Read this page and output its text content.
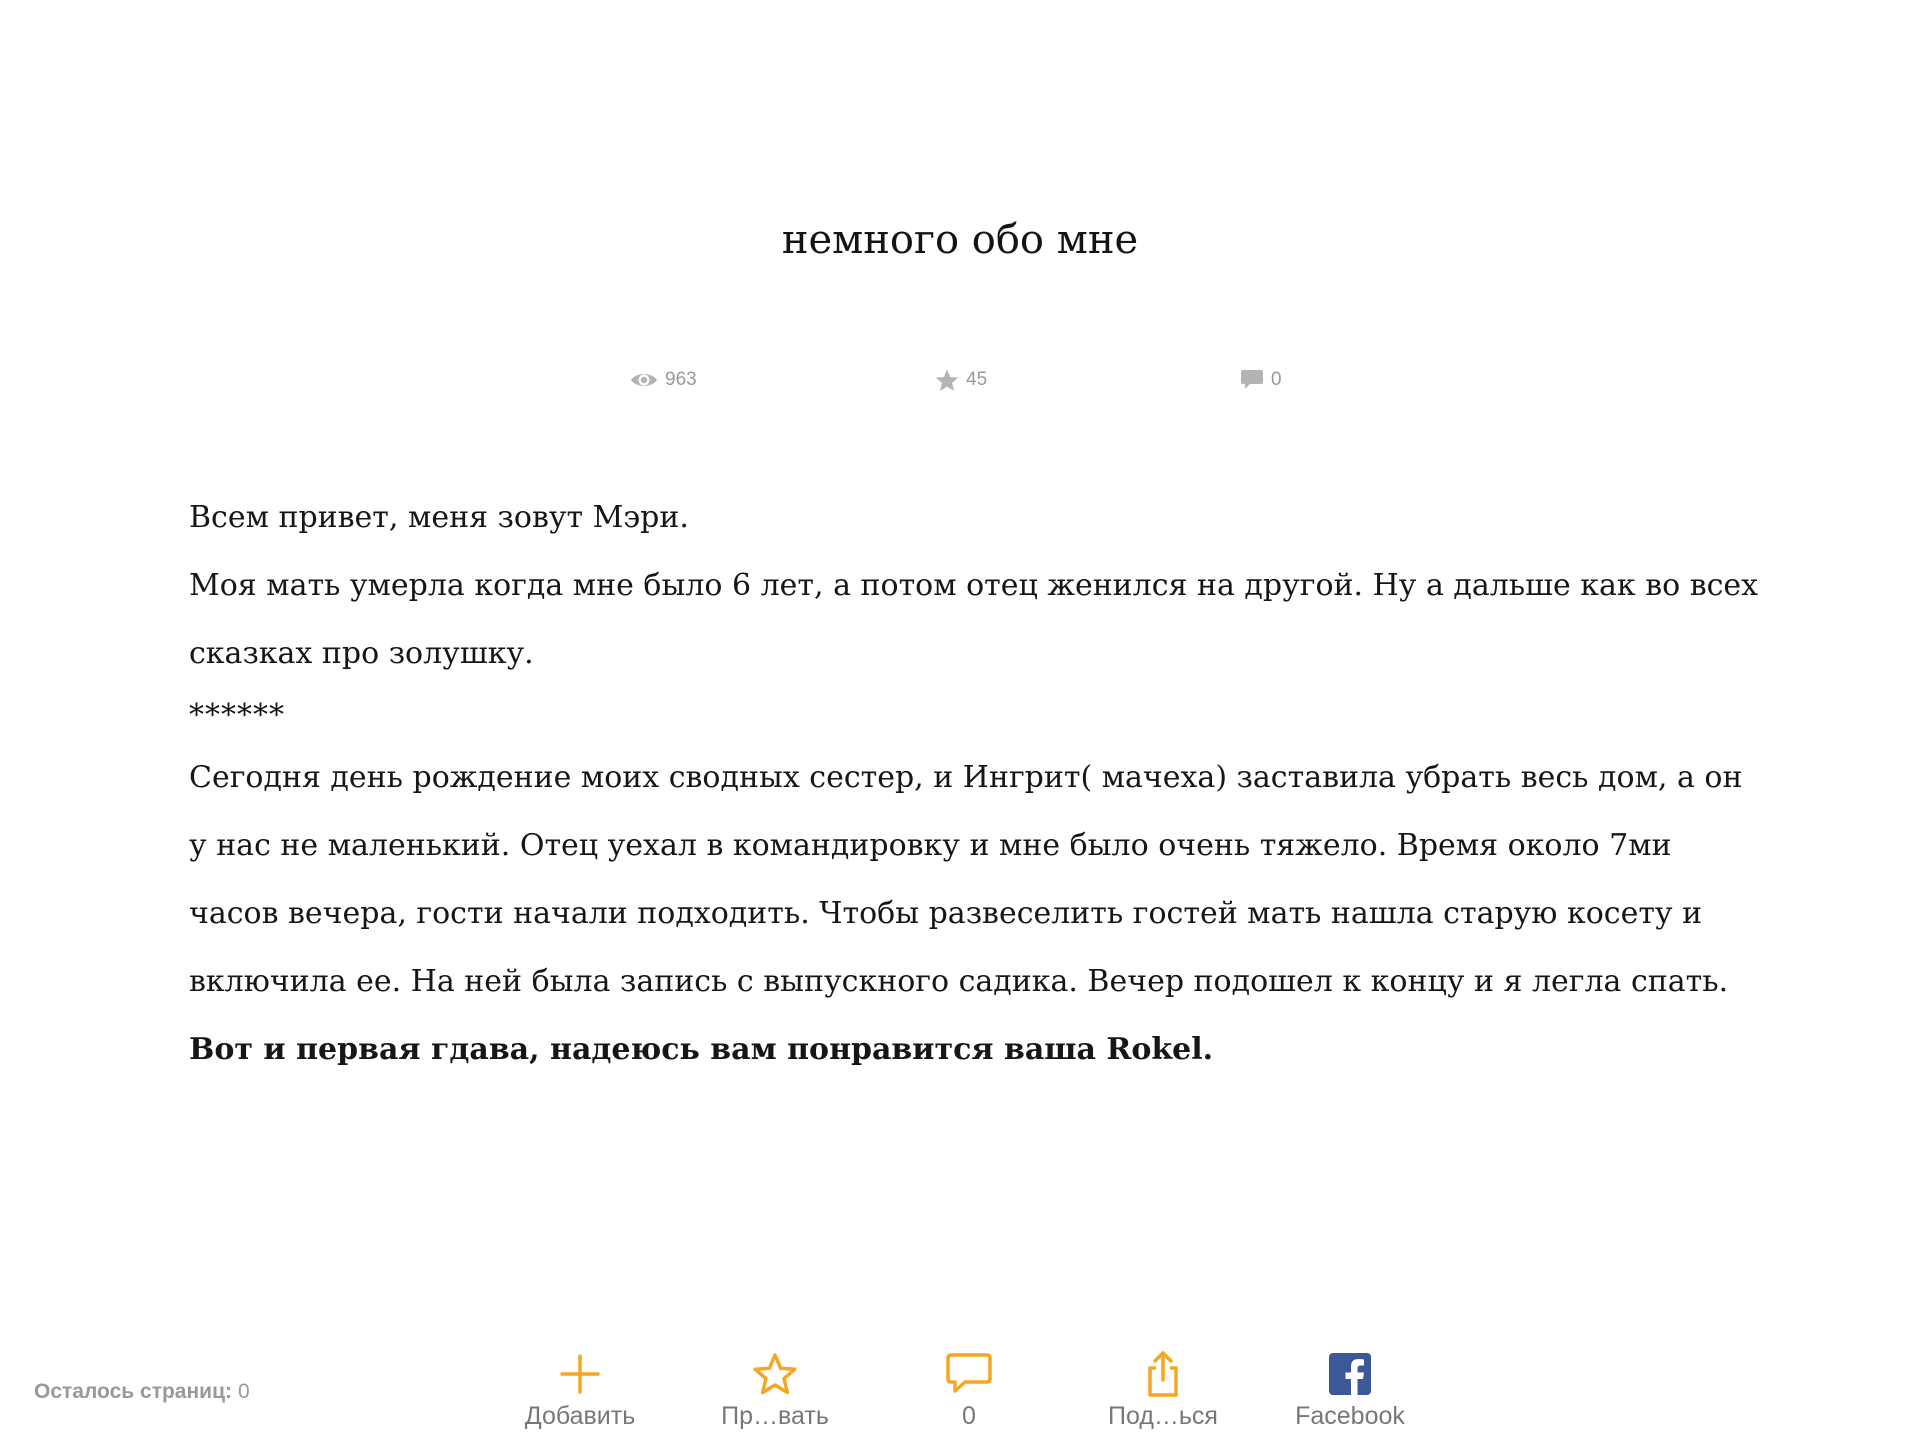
немного обо мне
963	45	0

Всем привет, меня зовут Мэри.

Моя мать умерла когда мне было 6 лет, а потом отец женился на другой. Ну а дальше как во всех

сказках про золушку.

******

Сегодня день рождение моих сводных сестер, и Ингрит( мачеха) заставила убрать весь дом, а он

у нас не маленький. Отец уехал в командировку и мне было очень тяжело. Время около 7ми

часов вечера, гости начали подходить. Чтобы развеселить гостей мать нашла старую косету и

включила ее. На ней была запись с выпускного садика. Вечер подошел к концу и я легла спать.

Вот и первая гдава, надеюсь вам понравится ваша Rokel.

Осталось страниц: 0
Добавить	Пр…вать	0	Под…ься	Facebook
